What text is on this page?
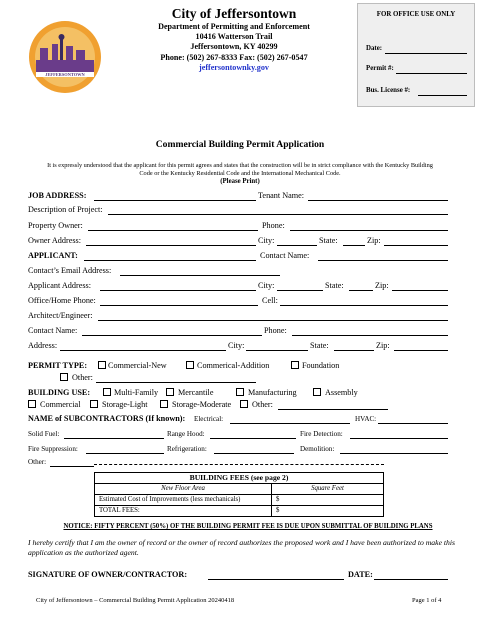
JEFFERSONTOWN
City of Jeffersontown
Department of Permitting and Enforcement
10416 Watterson Trail
Jeffersontown, KY 40299
Phone: (502) 267-8333 Fax: (502) 267-0547
jeffersontownky.gov
FOR OFFICE USE ONLY
Date:
Permit #:
Bus. License #:
Commercial Building Permit Application
It is expressly understood that the applicant for this permit agrees and states that the construction will be in strict compliance with the Kentucky Building Code or the Kentucky Residential Code and the International Mechanical Code.
(Please Print)
JOB ADDRESS:	Tenant Name:
Description of Project:
Property Owner:	Phone:
Owner Address:	City:	State:	Zip:
APPLICANT:	Contact Name:
Contact’s Email Address:
Applicant Address:	City:	State:	Zip:
Office/Home Phone:	Cell:
Architect/Engineer:
Contact Name:	Phone:
Address:	City:	State:	Zip:
PERMIT TYPE:	Commercial-New	Commerical-Addition	Foundation
Other:
BUILDING USE:	Multi-Family Mercantile	Manufacturing	Assembly
Commercial	Storage-Light	Storage-Moderate	Other:
NAME of SUBCONTRACTORS (If known): Electrical:	HVAC:
Solid Fuel:	Range Hood:	Fire Detection:
Fire Suppression:	Refrigeration:	Demolition:
Other:
BUILDING FEES (see page 2)	
New Floor Area	Square Feet
Estimated Cost of Improvements (less mechanicals)	$
TOTAL FEES:	$
NOTICE: FIFTY PERCENT (50%) OF THE BUILDING PERMIT FEE IS DUE UPON SUBMITTAL OF BUILDING PLANS
I hereby certify that I am the owner of record or the owner of record authorizes the proposed work and I have been authorized to make this application as the authorized agent.
SIGNATURE OF OWNER/CONTRACTOR:	DATE:
City of Jeffersontown – Commercial Building Permit Application 20240418	Page 1 of 4
